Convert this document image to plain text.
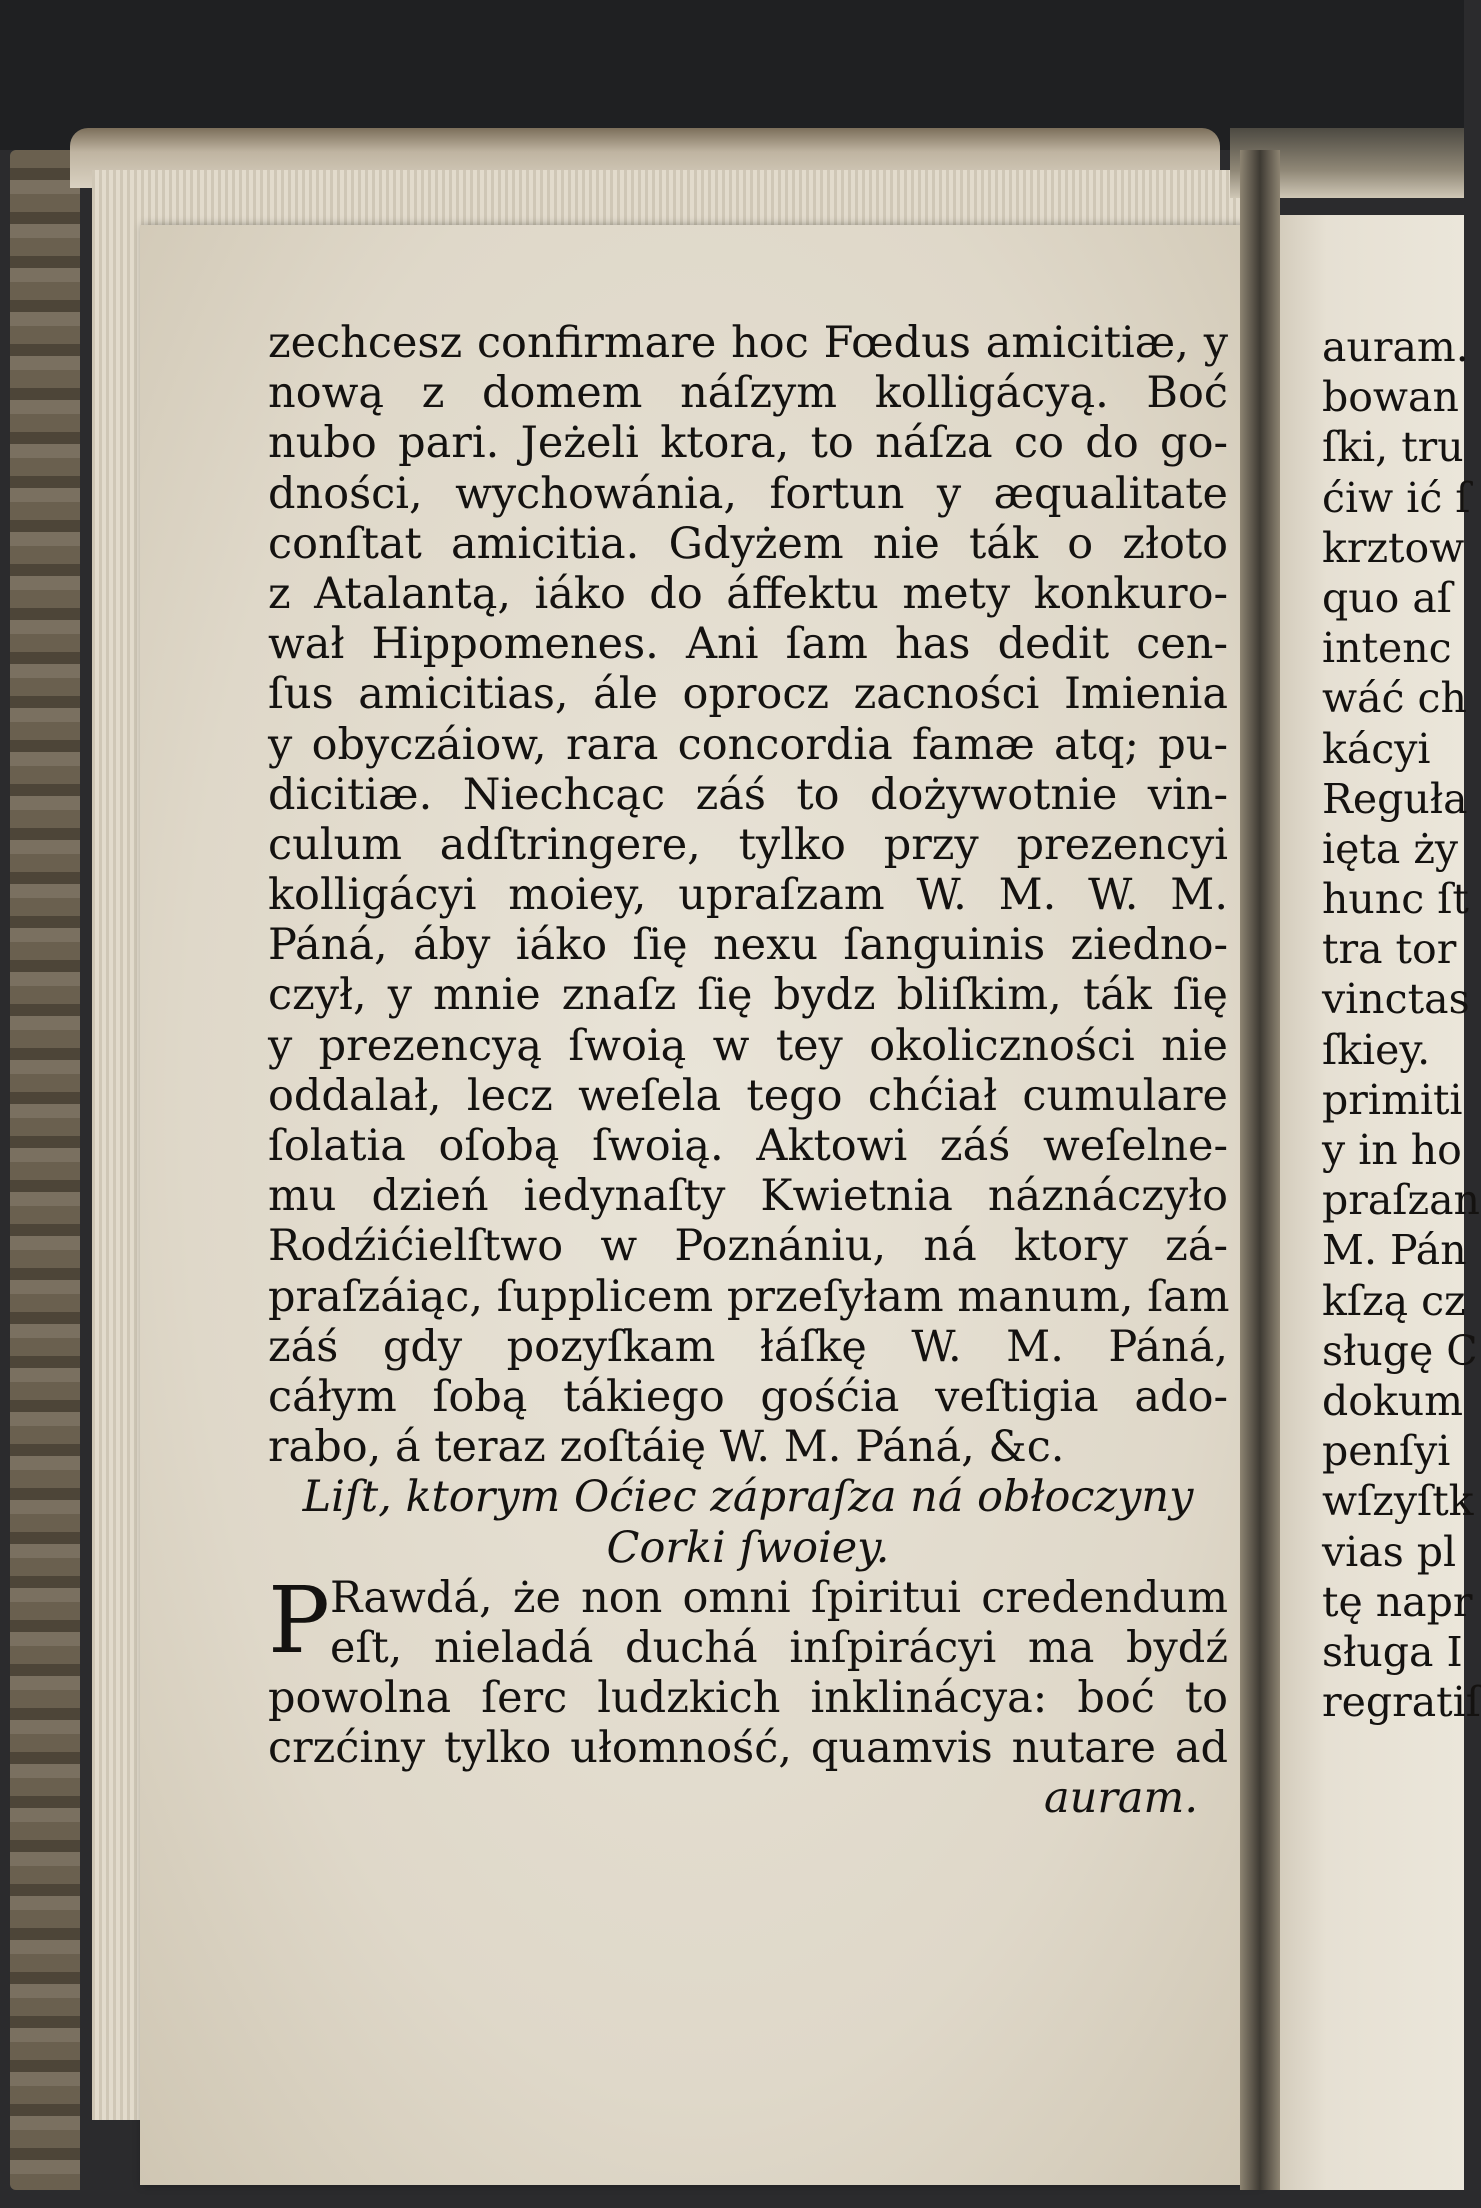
zechcesz confirmare hoc Fœdus amicitiæ, y
nową z domem náſzym kolligácyą. Boć
nubo pari. Jeżeli ktora, to náſza co do go-
dności, wychowánia, fortun y æqualitate
conſtat amicitia. Gdyżem nie ták o złoto
z Atalantą, iáko do áffektu mety konkuro-
wał Hippomenes. Ani ſam has dedit cen-
ſus amicitias, ále oprocz zacności Imienia
y obyczáiow, rara concordia famæ atq; pu-
dicitiæ. Niechcąc záś to dożywotnie vin-
culum adſtringere, tylko przy prezencyi
kolligácyi moiey, upraſzam W. M. W. M.
Páná, áby iáko ſię nexu ſanguinis ziedno-
czył, y mnie znaſz ſię bydz bliſkim, ták ſię
y prezencyą ſwoią w tey okoliczności nie
oddalał, lecz weſela tego chćiał cumulare
ſolatia oſobą ſwoią. Aktowi záś weſelne-
mu dzień iedynaſty Kwietnia náznáczyło
Rodźićielſtwo w Poznániu, ná ktory zá-
praſzáiąc, ſupplicem przeſyłam manum, ſam
záś gdy pozyſkam łáſkę W. M. Páná,
cáłym ſobą tákiego gośćia veſtigia ado-
rabo, á teraz zoſtáię W. M. Páná, &c.
Liſt, ktorym Oćiec zápraſza ná obłoczyny
Corki ſwoiey.
P Rawdá, że non omni ſpiritui credendum
eſt, nieladá duchá inſpirácyi ma bydź
powolna ſerc ludzkich inklinácya: boć to
crzćiny tylko ułomność, quamvis nutare ad
auram.
auram.
bowan
ſki, tru
ćiw ić ſ
krztow
quo aſ
intenc
wáć ch
kácyi
Reguła
ięta ży
hunc ſt
tra tor
vinctas
ſkiey.
primiti
y in ho
praſzan
M. Pán
kſzą cz
sługę C
dokum
penſyi
wſzyſtk
vias pl
tę napr
sługa I
regratiſ
